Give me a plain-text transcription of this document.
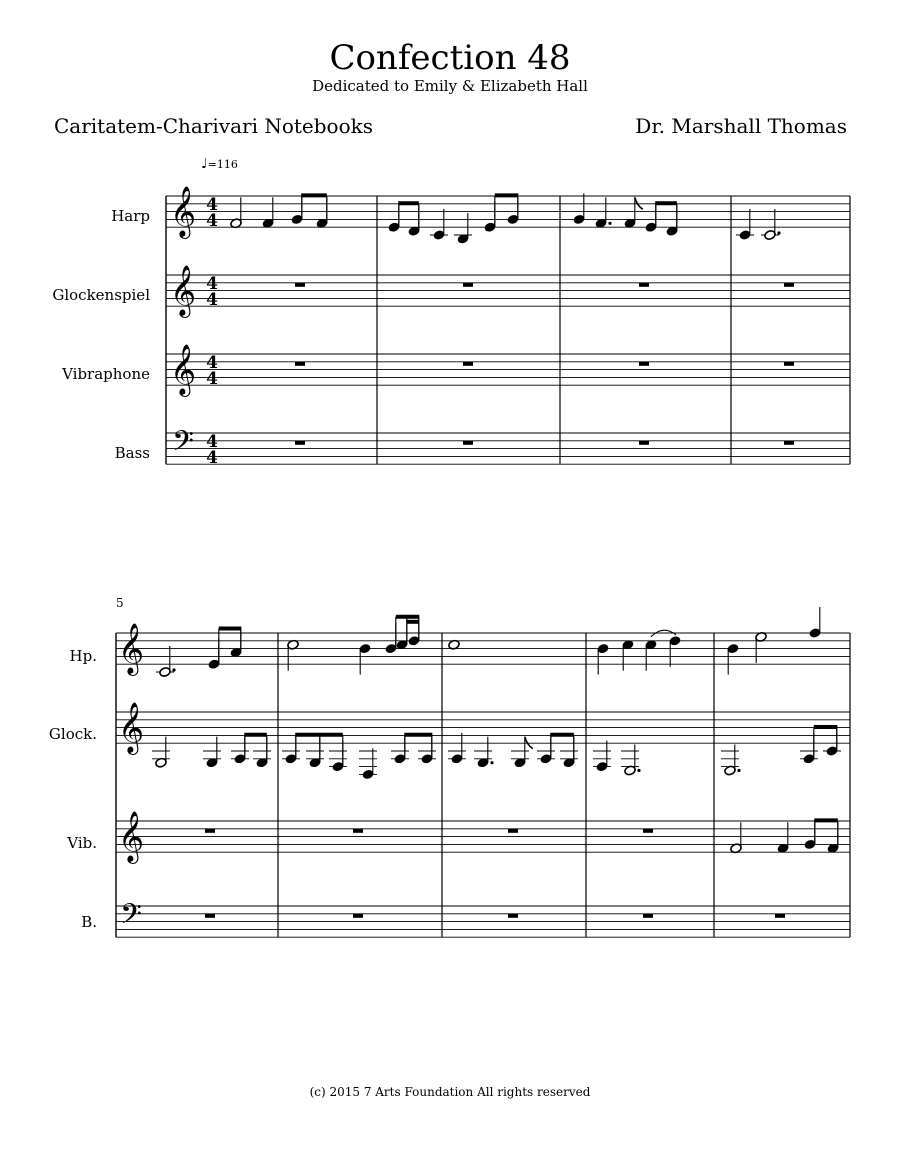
Confection 48
Dedicated to Emily & Elizabeth Hall
Caritatem-Charivari Notebooks	Dr. Marshall Thomas
♩=116
Harp
Glockenspiel
Vibraphone
Bass
5
Hp.
Glock.
Vib.
B.
(c) 2015 7 Arts Foundation All rights reserved
𝄞 4
4
𝄞 4
4
𝄞 4
4
𝄢 4
4
𝄞
𝄞
𝄞
𝄢
